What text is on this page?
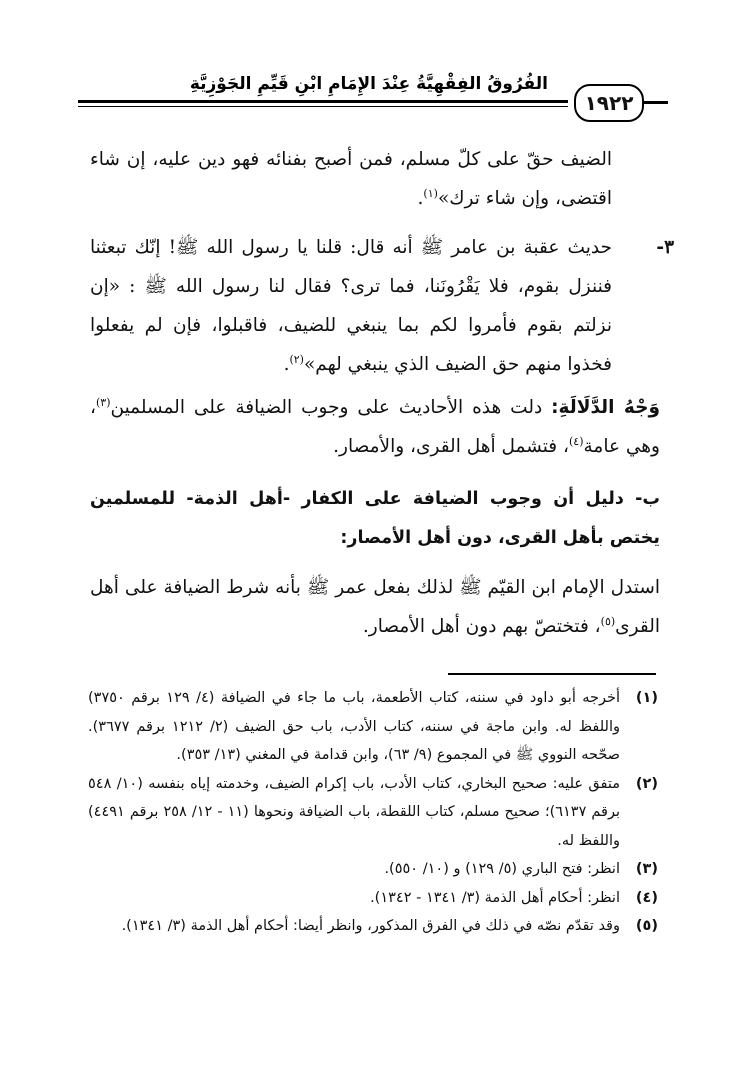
الفُرُوقُ الفِقْهِيَّةُ عِنْدَ الإِمَامِ ابْنِ قَيِّمِ الجَوْزِيَّةِ
١٩٢٢
الضيف حقّ على كلّ مسلم، فمن أصبح بفنائه فهو دين عليه، إن شاء اقتضى، وإن شاء ترك»$^{(١)}$.
٣-
حديث عقبة بن عامر ﷺ أنه قال: قلنا يا رسول الله ﷺ! إنّك تبعثنا فننزل بقوم، فلا يَقْرُونَنا، فما ترى؟ فقال لنا رسول الله ﷺ : «إن نزلتم بقوم فأمروا لكم بما ينبغي للضيف، فاقبلوا، فإن لم يفعلوا فخذوا منهم حق الضيف الذي ينبغي لهم»$^{(٢)}$.
وَجْهُ الدَّلَالَةِ: دلت هذه الأحاديث على وجوب الضيافة على المسلمين$^{(٣)}$، وهي عامة$^{(٤)}$، فتشمل أهل القرى، والأمصار.
ب- دليل أن وجوب الضيافة على الكفار -أهل الذمة- للمسلمين يختص بأهل القرى، دون أهل الأمصار:
استدل الإمام ابن القيّم ﷺ لذلك بفعل عمر ﷺ بأنه شرط الضيافة على أهل القرى$^{(٥)}$، فتختصّ بهم دون أهل الأمصار.
(١)
أخرجه أبو داود في سننه، كتاب الأطعمة، باب ما جاء في الضيافة (٤/ ١٢٩ برقم ٣٧٥٠) واللفظ له. وابن ماجة في سننه، كتاب الأدب، باب حق الضيف (٢/ ١٢١٢ برقم ٣٦٧٧). صحّحه النووي ﷺ في المجموع (٩/ ٦٣)، وابن قدامة في المغني (١٣/ ٣٥٣).
(٢)
متفق عليه: صحيح البخاري، كتاب الأدب، باب إكرام الضيف، وخدمته إياه بنفسه (١٠/ ٥٤٨ برقم ٦١٣٧)؛ صحيح مسلم، كتاب اللقطة، باب الضيافة ونحوها (١١ - ١٢/ ٢٥٨ برقم ٤٤٩١) واللفظ له.
(٣)
انظر: فتح الباري (٥/ ١٢٩) و (١٠/ ٥٥٠).
(٤)
انظر: أحكام أهل الذمة (٣/ ١٣٤١ - ١٣٤٢).
(٥)
وقد تقدّم نصّه في ذلك في الفرق المذكور، وانظر أيضا: أحكام أهل الذمة (٣/ ١٣٤١).
